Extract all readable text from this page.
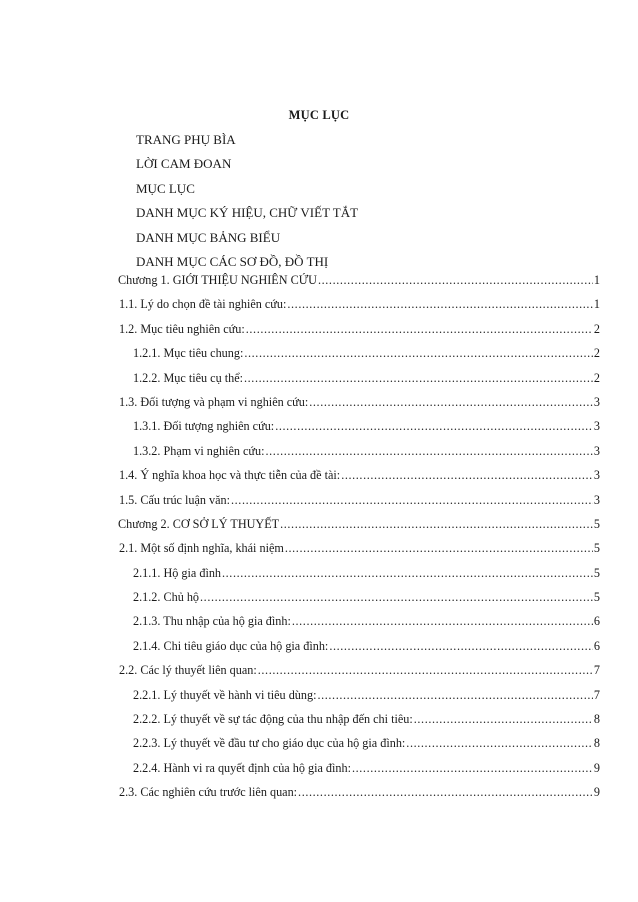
MỤC LỤC
TRANG PHỤ BÌA
LỜI CAM ĐOAN
MỤC LỤC
DANH MỤC KÝ HIỆU, CHỮ VIẾT TẮT
DANH MỤC BẢNG BIỂU
DANH MỤC CÁC SƠ ĐỒ, ĐỒ THỊ
Chương 1. GIỚI THIỆU NGHIÊN CỨU .....	1
1.1. Lý do chọn đề tài nghiên cứu: .....	1
1.2. Mục tiêu nghiên cứu: .....	2
1.2.1. Mục tiêu chung: .....	2
1.2.2. Mục tiêu cụ thể: .....	2
1.3. Đối tượng và phạm vi nghiên cứu: .....	3
1.3.1. Đối tượng nghiên cứu: .....	3
1.3.2. Phạm vi nghiên cứu: .....	3
1.4. Ý nghĩa khoa học và thực tiễn của đề tài: .....	3
1.5. Cấu trúc luận văn: .....	3
Chương 2. CƠ SỞ LÝ THUYẾT .....	5
2.1. Một số định nghĩa, khái niệm .....	5
2.1.1. Hộ gia đình .....	5
2.1.2. Chủ hộ .....	5
2.1.3. Thu nhập của hộ gia đình: .....	6
2.1.4. Chi tiêu giáo dục của hộ gia đình: .....	6
2.2. Các lý thuyết liên quan: .....	7
2.2.1. Lý thuyết về hành vi tiêu dùng: .....	7
2.2.2. Lý thuyết về sự tác động của thu nhập đến chi tiêu: .....	8
2.2.3. Lý thuyết về đầu tư cho giáo dục của hộ gia đình: .....	8
2.2.4. Hành vi ra quyết định của hộ gia đình: .....	9
2.3. Các nghiên cứu trước liên quan: .....	9
